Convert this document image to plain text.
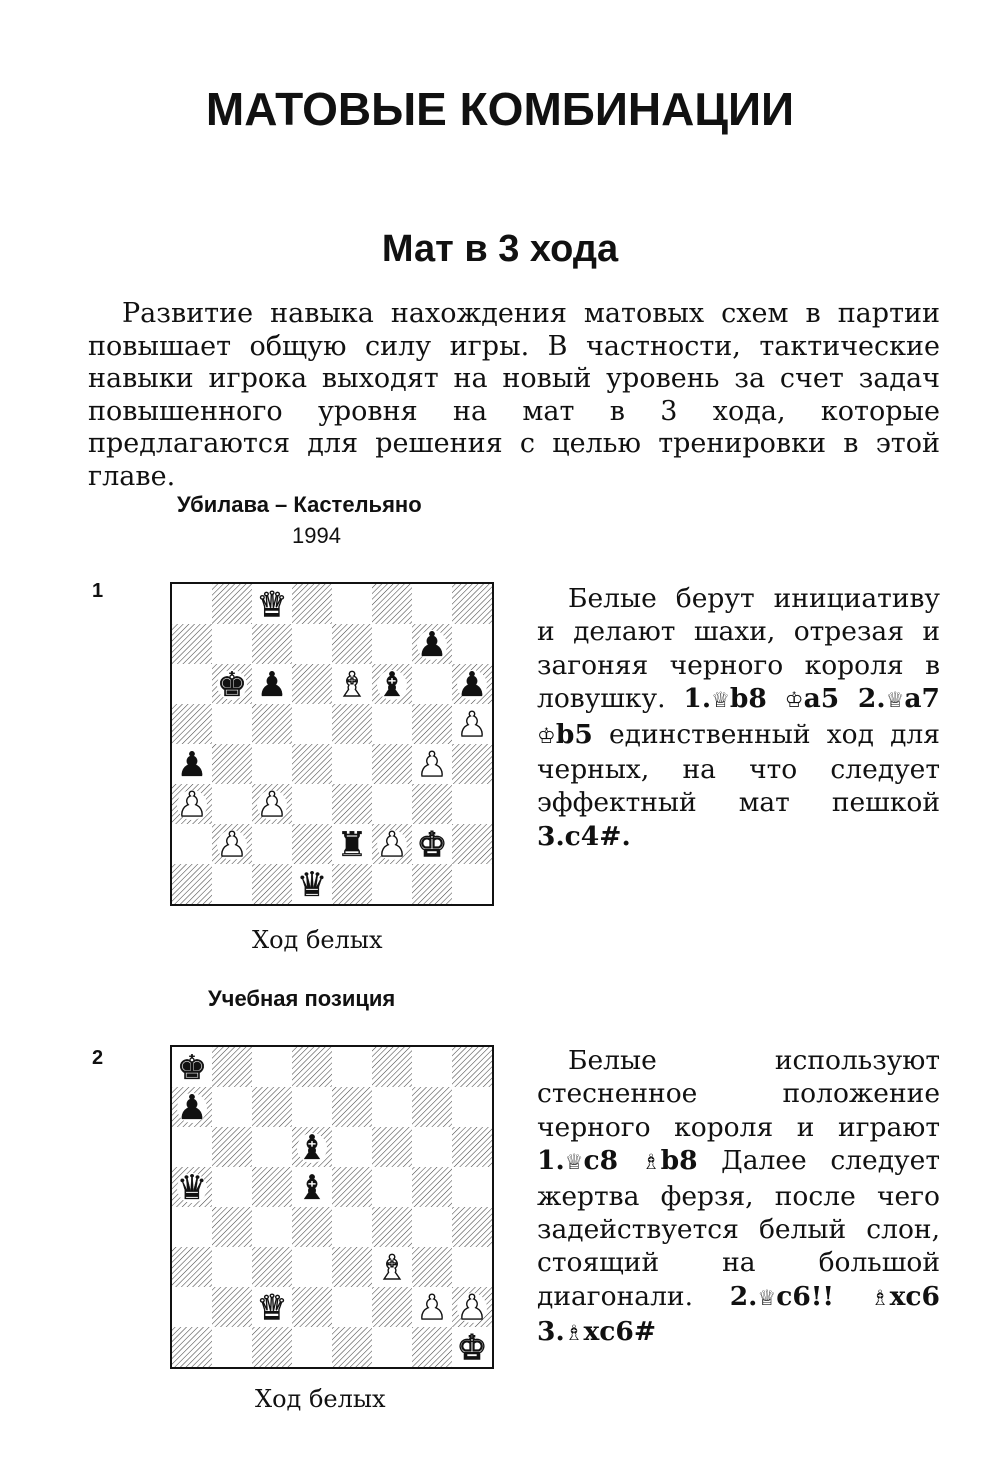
МАТОВЫЕ КОМБИНАЦИИ
Мат в 3 хода

Развитие навыка нахождения матовых схем в партии повышает общую силу игры. В частности, тактические навыки игрока выходят на новый уровень за счет задач повышенного уровня на мат в 3 хода, которые предлагаются для решения с целью тренировки в этой главе.

Убилава – Кастельяно
1994
1	♛
♟
♚ ♟ ♝ ♝ ♟
♟
♟	♟
♟ ♟
♟	♜ ♟ ♚
♛
Ход белых

Белые берут инициативу и делают шахи, отрезая и загоняя черного короля в ловушку. 1.♕b8 ♔a5 2.♕a7 ♔b5 единственный ход для черных, на что следует эффектный мат пешкой 3.c4#.

Учебная позиция
2 ♚
♟
♝
♛	♝
♝
♛	♟ ♟
♚
Ход белых

Белые используют стесненное положение черного короля и играют 1.♕c8 ♗b8 Далее следует жертва ферзя, после чего задействуется белый слон, стоящий на большой диагонали. 2.♕c6!! ♗xc6 3.♗xc6#
